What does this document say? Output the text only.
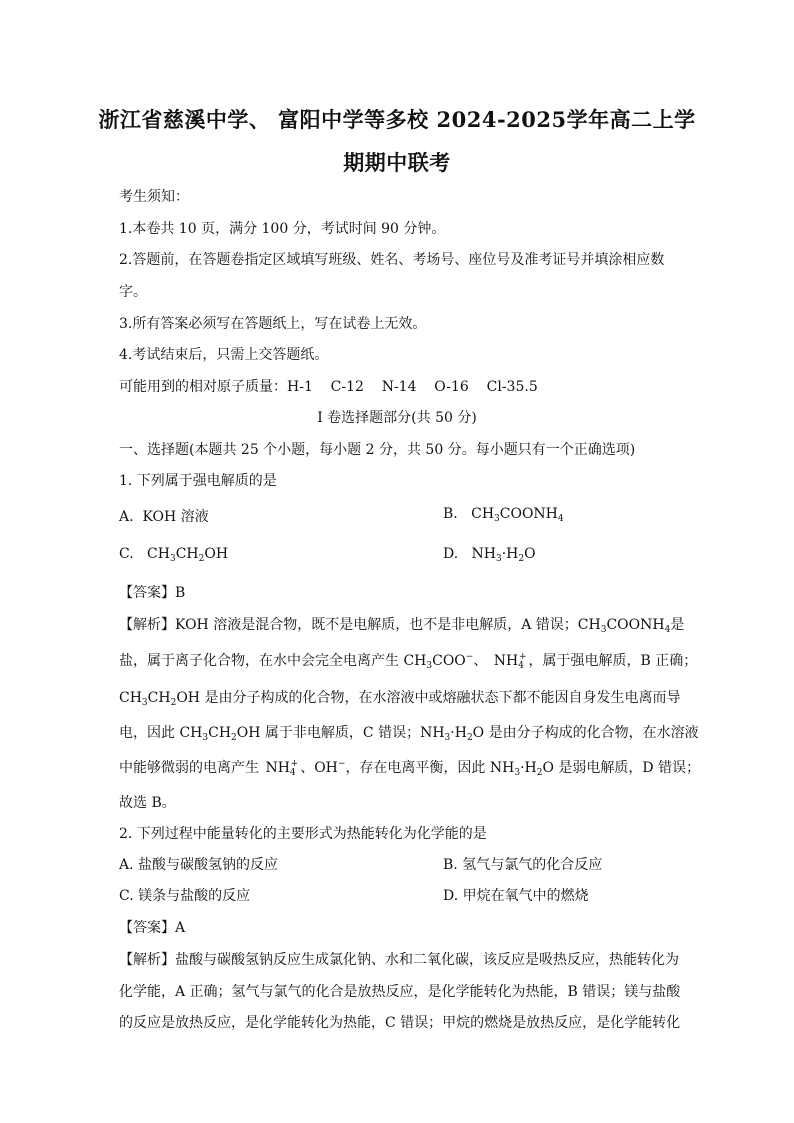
浙江省慈溪中学、 富阳中学等多校 2024-2025学年高二上学
期期中联考
考生须知：
1.本卷共 10 页，满分 100 分，考试时间 90 分钟。
2.答题前，在答题卷指定区域填写班级、姓名、考场号、座位号及准考证号并填涂相应数
字。
3.所有答案必须写在答题纸上，写在试卷上无效。
4.考试结束后，只需上交答题纸。
可能用到的相对原子质量：H-1    C-12    N-14    O-16    Cl-35.5
I 卷选择题部分(共 50 分)
一、选择题(本题共 25 个小题，每小题 2 分，共 50 分。每小题只有一个正确选项)
1. 下列属于强电解质的是
A. KOH 溶液	B.   $CH_3COONH_4$
C.   $CH_3CH_2OH$	D.   $NH_3\cdot H_2O$
【答案】B
【解析】KOH 溶液是混合物，既不是电解质，也不是非电解质，A 错误；$CH_3COONH_4$是
盐，属于离子化合物，在水中会完全电离产生 $CH_3COO^-$、 $NH_4^+$ ，属于强电解质，B 正确；
$CH_3CH_2OH$ 是由分子构成的化合物，在水溶液中或熔融状态下都不能因自身发生电离而导
电，因此 $CH_3CH_2OH$ 属于非电解质，C 错误；$NH_3\cdot H_2O$ 是由分子构成的化合物，在水溶液
中能够微弱的电离产生 $NH_4^+$ 、OH−，存在电离平衡，因此 $NH_3\cdot H_2O$ 是弱电解质，D 错误；
故选 B。
2. 下列过程中能量转化的主要形式为热能转化为化学能的是
A. 盐酸与碳酸氢钠的反应	B. 氢气与氯气的化合反应
C. 镁条与盐酸的反应	D. 甲烷在氧气中的燃烧
【答案】A
【解析】盐酸与碳酸氢钠反应生成氯化钠、水和二氧化碳，该反应是吸热反应，热能转化为
化学能，A 正确；氢气与氯气的化合是放热反应，是化学能转化为热能，B 错误；镁与盐酸
的反应是放热反应，是化学能转化为热能，C 错误；甲烷的燃烧是放热反应，是化学能转化
